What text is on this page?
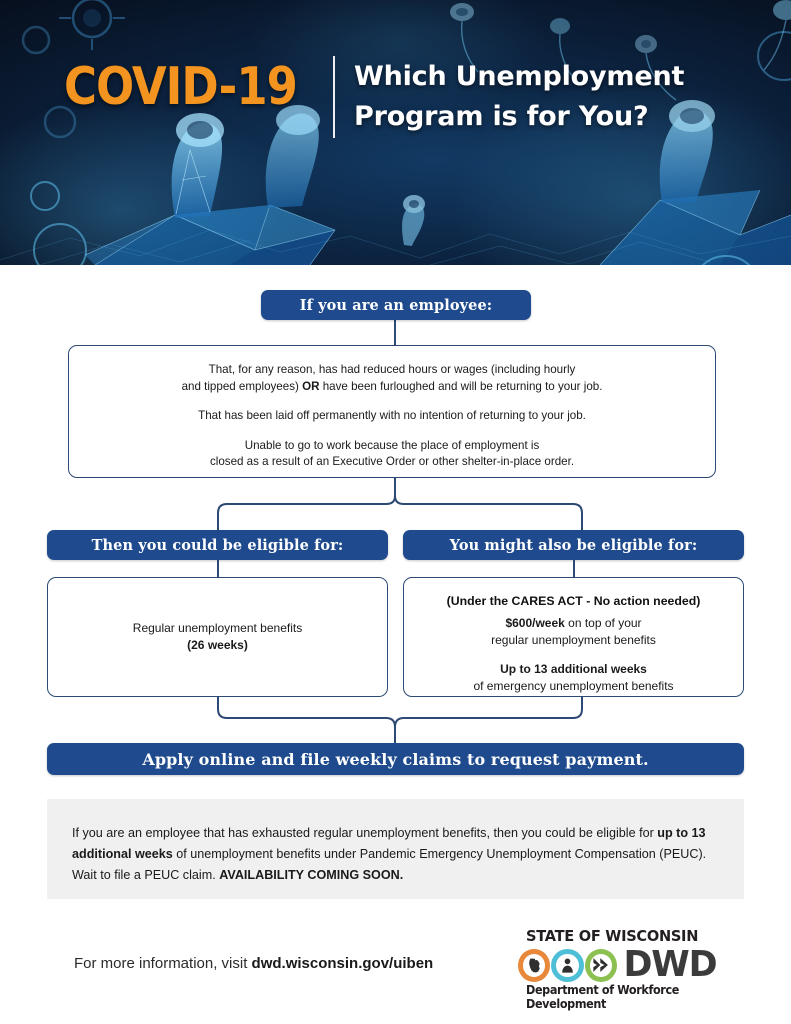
COVID-19 Which Unemployment
Program is for You?
If you are an employee:
That, for any reason, has had reduced hours or wages (including hourly
and tipped employees) OR have been furloughed and will be returning to your job.
That has been laid off permanently with no intention of returning to your job.
Unable to go to work because the place of employment is
closed as a result of an Executive Order or other shelter-in-place order.
Then you could be eligible for:	You might also be eligible for:
Regular unemployment benefits
(26 weeks)
(Under the CARES ACT - No action needed)
$600/week on top of your
regular unemployment benefits
Up to 13 additional weeks
of emergency unemployment benefits
Apply online and file weekly claims to request payment.
If you are an employee that has exhausted regular unemployment benefits, then you could be eligible for up to 13 additional weeks of unemployment benefits under Pandemic Emergency Unemployment Compensation (PEUC). Wait to file a PEUC claim. AVAILABILITY COMING SOON.
For more information, visit dwd.wisconsin.gov/uiben
STATE OF WISCONSIN
DWD
Department of Workforce Development
